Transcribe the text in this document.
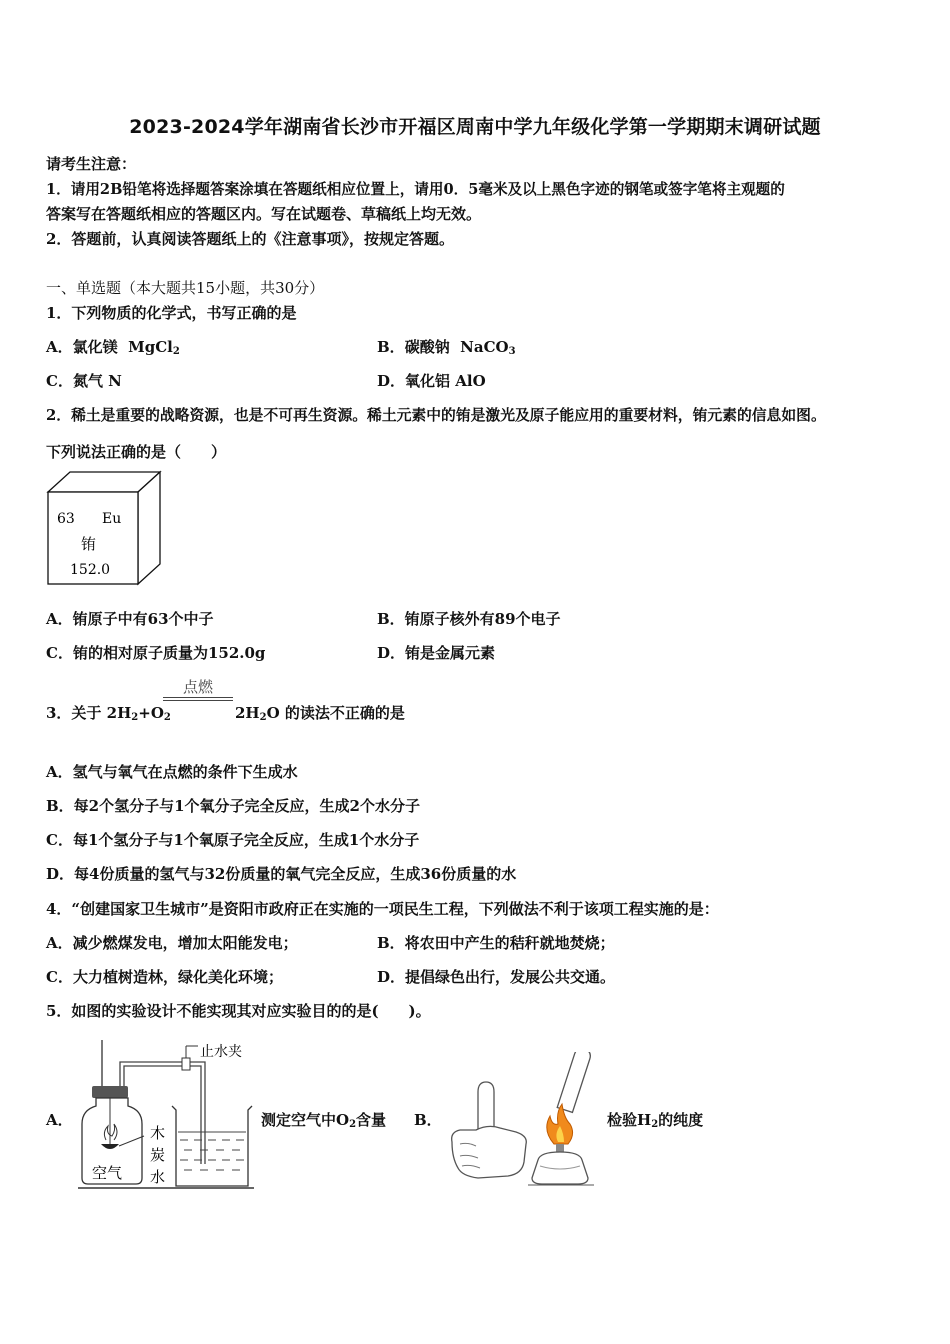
2023-2024学年湖南省长沙市开福区周南中学九年级化学第一学期期末调研试题
请考生注意：
1．请用2B铅笔将选择题答案涂填在答题纸相应位置上，请用0．5毫米及以上黑色字迹的钢笔或签字笔将主观题的
答案写在答题纸相应的答题区内。写在试题卷、草稿纸上均无效。
2．答题前，认真阅读答题纸上的《注意事项》，按规定答题。
一、单选题（本大题共15小题，共30分）
1．下列物质的化学式，书写正确的是
A．氯化镁 MgCl$_2$	B．碳酸钠 NaCO$_3$
C．氮气 N	D．氧化铝 AlO
2．稀土是重要的战略资源，也是不可再生资源。稀土元素中的铕是激光及原子能应用的重要材料，铕元素的信息如图。
下列说法正确的是（　　）
63 Eu
铕
152.0
A．铕原子中有63个中子	B．铕原子核外有89个电子
C．铕的相对原子质量为152.0g	D．铕是金属元素
3．关于 $2H_2+O_2$
点燃
$2H_2O$ 的读法不正确的是
A．氢气与氧气在点燃的条件下生成水
B．每2个氢分子与1个氧分子完全反应，生成2个水分子
C．每1个氢分子与1个氧原子完全反应，生成1个水分子
D．每4份质量的氢气与32份质量的氧气完全反应，生成36份质量的水
4．“创建国家卫生城市”是资阳市政府正在实施的一项民生工程，下列做法不利于该项工程实施的是：
A．减少燃煤发电，增加太阳能发电；	B．将农田中产生的秸秆就地焚烧；
C．大力植树造林，绿化美化环境；	D．提倡绿色出行，发展公共交通。
5．如图的实验设计不能实现其对应实验目的的是(　　)。
A．
止水夹
木
炭
水
空气
测定空气中$O_2$含量 B．	检验$H_2$的纯度
